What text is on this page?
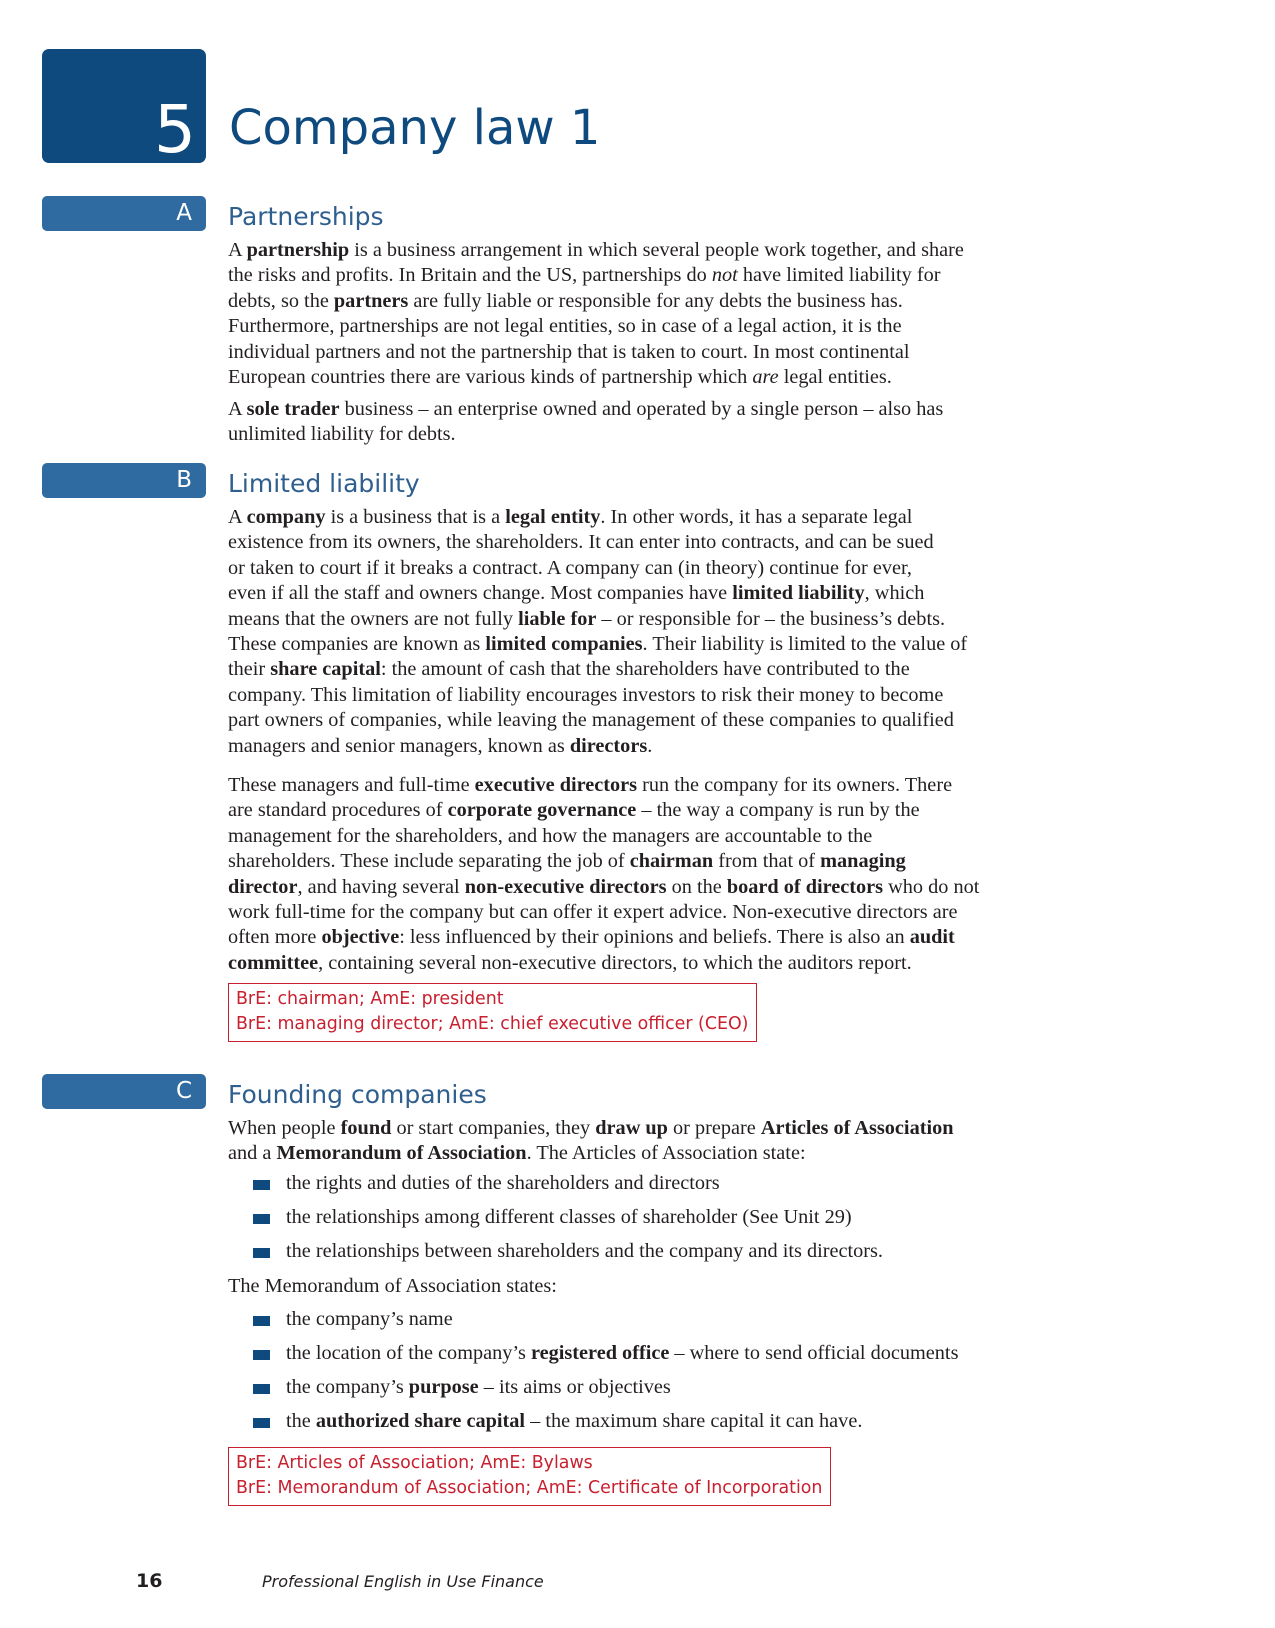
5 Company law 1
A Partnerships
A partnership is a business arrangement in which several people work together, and share
the risks and profits. In Britain and the US, partnerships do not have limited liability for
debts, so the partners are fully liable or responsible for any debts the business has.
Furthermore, partnerships are not legal entities, so in case of a legal action, it is the
individual partners and not the partnership that is taken to court. In most continental
European countries there are various kinds of partnership which are legal entities.
A sole trader business – an enterprise owned and operated by a single person – also has
unlimited liability for debts.
B Limited liability
A company is a business that is a legal entity. In other words, it has a separate legal
existence from its owners, the shareholders. It can enter into contracts, and can be sued
or taken to court if it breaks a contract. A company can (in theory) continue for ever,
even if all the staff and owners change. Most companies have limited liability, which
means that the owners are not fully liable for – or responsible for – the business’s debts.
These companies are known as limited companies. Their liability is limited to the value of
their share capital: the amount of cash that the shareholders have contributed to the
company. This limitation of liability encourages investors to risk their money to become
part owners of companies, while leaving the management of these companies to qualified
managers and senior managers, known as directors.
These managers and full-time executive directors run the company for its owners. There
are standard procedures of corporate governance – the way a company is run by the
management for the shareholders, and how the managers are accountable to the
shareholders. These include separating the job of chairman from that of managing
director, and having several non-executive directors on the board of directors who do not
work full-time for the company but can offer it expert advice. Non-executive directors are
often more objective: less influenced by their opinions and beliefs. There is also an audit
committee, containing several non-executive directors, to which the auditors report.
BrE: chairman; AmE: president
BrE: managing director; AmE: chief executive officer (CEO)
C Founding companies
When people found or start companies, they draw up or prepare Articles of Association
and a Memorandum of Association. The Articles of Association state:
the rights and duties of the shareholders and directors
the relationships among different classes of shareholder (See Unit 29)
the relationships between shareholders and the company and its directors.
The Memorandum of Association states:
the company’s name
the location of the company’s registered office – where to send official documents
the company’s purpose – its aims or objectives
the authorized share capital – the maximum share capital it can have.
BrE: Articles of Association; AmE: Bylaws
BrE: Memorandum of Association; AmE: Certificate of Incorporation
16	Professional English in Use Finance
